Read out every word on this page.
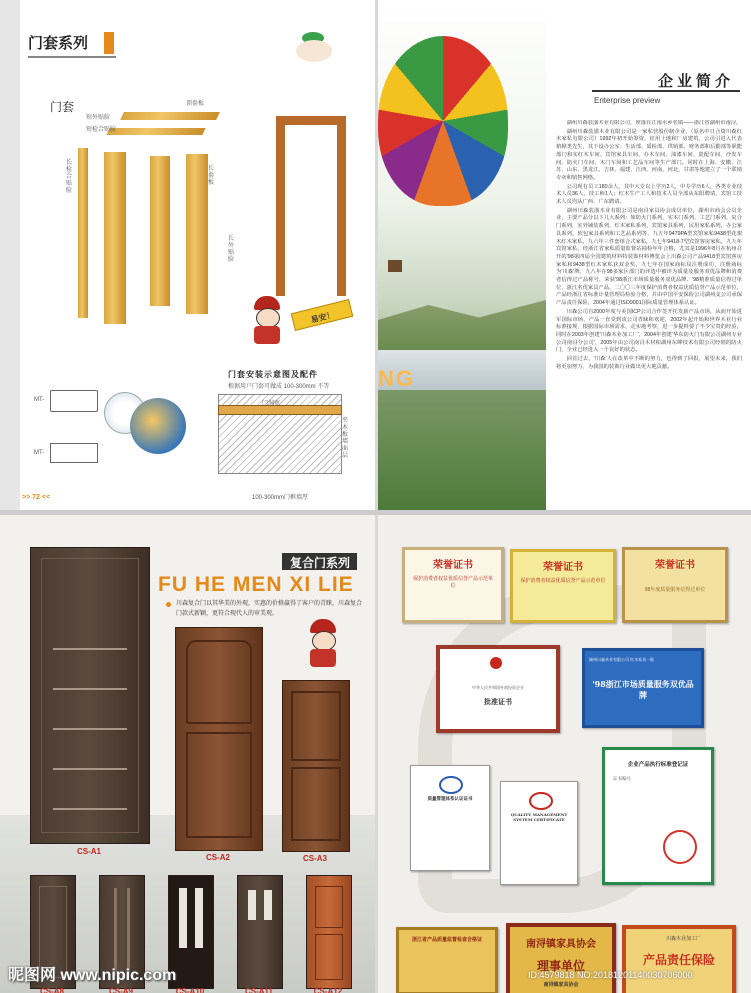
门套系列
门套	顶套板
短外贴脸
短检合贴脸
长检合贴脸
长套板
长外贴脸
易安！
门套安装示意图及配件
根据用户门套可做成 100-300mm 不等
门洞宽
100-300mm门框墙厚
夹木板墙面层
MT-
MT-
>> 72 <<
NG
企业简介
Enterprise preview

湖州川森装潢木业有限公司，座落在江南水乡名镇——浙江省湖州市南浔。

湖州川森装潢木业有限公司是一家私营股份制企业，（原名中日合资川森红木家私有限公司）1992年初开始筹资，征用土地和厂房建筑，公司引进入代表植樟类先生，其下设办公室：生活部、质检部、供销部、财务部和后勤部等职能部门和实红木车间、宾馆家具车间、办木车间、油漆车间、瓷配车间、沙发车间、防火门车间、木门车间和工艺品车间等生产部门。同时在上海、安徽、江苏、山东、黑龙江、吉林、福建、江西、河南、河北、甘肃等地建立了一个联销专卖和销售网络。

公司现有员工180余人，其中大专以上学历2人，中专学历6人，各类专业技术人员36人，技工师1人；红木生产工人和技术人员全部从东阳聘请，宾馆工技术人员均从广西、广东聘请。

湖州川森装潢木业有限公司是南浔家具协会成员单位，湖州市商会会员企业，主要产品分以下几大系列：如防火门系列，实木门系列，工艺门系列，复合门系列，室外铺装系列，红木家私系列，宾馆家具系列，民用家私系列，办公家具系列，软包家具系列和工艺品系列等，九五年9479PA型宾馆家私9438型花架木红木家私，九六年三件套组合式家私，九七年9418-7型宾馆客房家私，九九年宾馆家私，经浙江省家私质量监督站抽检年年合格，尤其是1996年8月在杭州召开的'98第四届全国建筑材料特装饰材料博览会上川森公司产品9418型宾馆客房家私和9438型红木家私获双金奖，九七年在国家商标局注册成功，注册商标为'川森'牌，九八年在98多家区部门的评选中被评为质量及服务双优品牌和消费者信得过产品称号，荣获'98浙江市场质量服务双优品牌、'98精准质量信得过单位，浙江名优家具产品，二〇〇三年度保护消费者权益优质信誉产品示范单位，产品经浙江省标准计量管理局检验合格，并由中国平安保险公司湖州支公司承保产品责任保险，2004年通过ISO9001国际质量管理体系认证。

川森公司自2000年度与美国ICP公司合作签开托发新产品市场，从而开始进军国际市场，产品一直受到该公司青睐和欢迎，2002年起开始和世界木业行业标准接规，根据国际市场需求，走实地考察，进一步提料要了不少宝贵的经验，同时在2003年创建'川森木业加工厂'，2004年创建'华东防火门有限公司湖州专业公司南浔分公司'，2005年由公司南浔木材和湖州东峰技术有限公司经销的防火门，全业已经进入一个良好的状态。

回首过去，'川森'人在改革中不断的努力，也得到了回报，展望未来，我们将更加努力，为我国的装饰行业做出更大地贡献。

CS-A1
复合门系列
FU HE MEN XI LIE
川森复合门以其华美的外观，实惠的价格赢得了客户的青睐，川森复合门款式新颖，更符合现代人的审美观。
CS-A2	CS-A3
CS-A8	CS-A9	CS-A10	CS-A11	CS-A12
荣誉证书
保护消费者权益优质信誉产品示范单位
荣誉证书
保护消费者权益优质信誉产品示范单位
荣誉证书
98年度质量服务信得过单位
批准证书
中华人民共和国外商投资企业
湖州川森木业有限公司 红木家具一批
'98浙江市场质量服务双优品牌
质量管理体系认证证书
QUALITY MANAGEMENT SYSTEM CERTIFICATE
企业产品执行标准登记证
证书编号
浙江省产品质量监督检查合格证	南浔镇家具协会
理事单位
南浔镇家具协会
川森木业加工厂
产品责任保险
昵图网 www.nipic.com	ID:4579818 NO:20181201140030706000
